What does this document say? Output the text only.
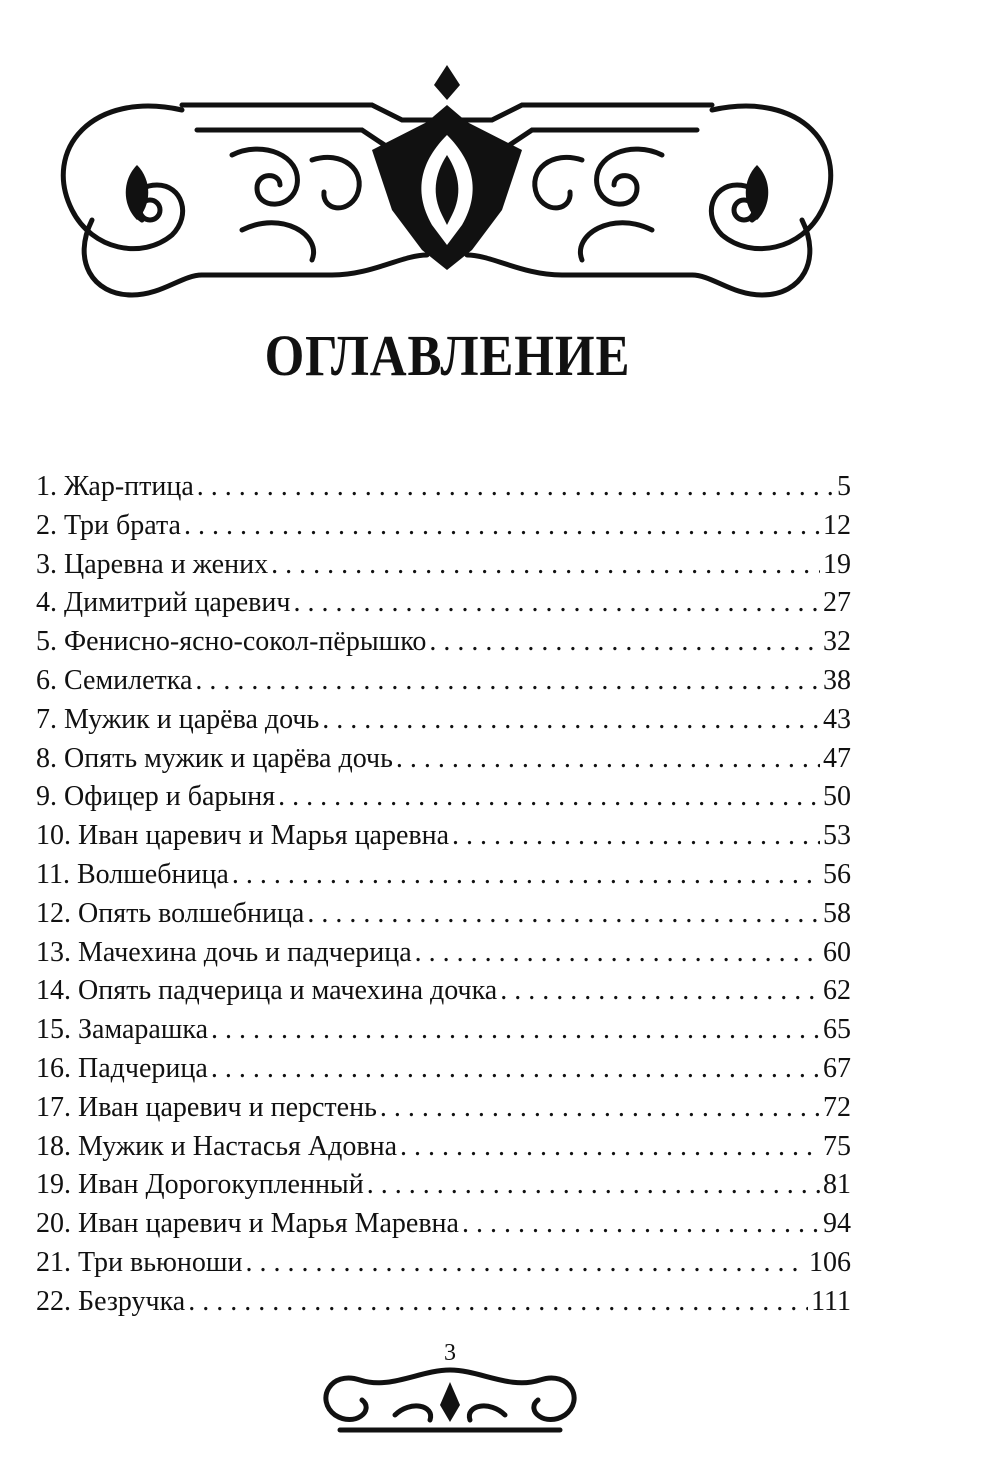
ОГЛАВЛЕНИЕ
1. Жар-птица . . .	5
2. Три брата . . .	12
3. Царевна и жених . . .	19
4. Димитрий царевич . . .	27
5. Фенисно-ясно-сокол-пёрышко . . .	32
6. Семилетка . . .	38
7. Мужик и царёва дочь . . .	43
8. Опять мужик и царёва дочь . . .	47
9. Офицер и барыня . . .	50
10. Иван царевич и Марья царевна . . .	53
11. Волшебница . . .	56
12. Опять волшебница . . .	58
13. Мачехина дочь и падчерица . . .	60
14. Опять падчерица и мачехина дочка . . .	62
15. Замарашка . . .	65
16. Падчерица . . .	67
17. Иван царевич и перстень . . .	72
18. Мужик и Настасья Адовна . . .	75
19. Иван Дорогокупленный . . .	81
20. Иван царевич и Марья Маревна . . .	94
21. Три вьюноши . . .	106
22. Безручка . . .	111
3
